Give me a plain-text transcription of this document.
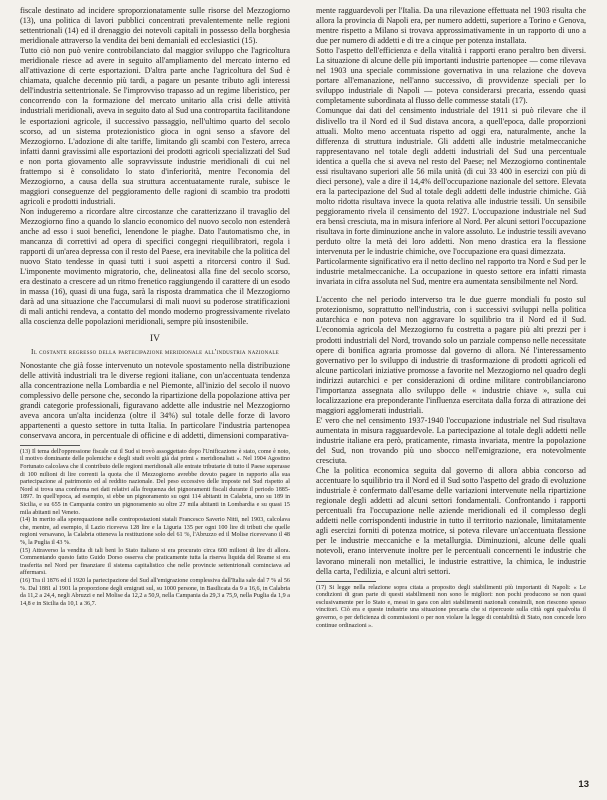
fiscale destinato ad incidere sproporzionatamente sulle risorse del Mezzogiorno (13), una politica di lavori pubblici concentrati prevalentemente nelle regioni settentrionali (14) ed il drenaggio dei notevoli capitali in possesso della borghesia meridionale attraverso la vendita dei beni demaniali ed ecclesiastici (15).

Tutto ciò non può venire controbilanciato dal maggior sviluppo che l'agricoltura meridionale riesce ad avere in seguito all'ampliamento del mercato interno ed all'attivazione di certe esportazioni. D'altra parte anche l'agricoltura del Sud è chiamata, qualche decennio più tardi, a pagare un pesante tributo agli interessi dell'industria settentrionale. Se l'improvviso trapasso ad un regime liberistico, per concorrendo con la formazione del mercato unitario alla crisi delle attività industriali meridionali, aveva in seguito dato al Sud una contropartita facilitandone le esportazioni agricole, il successivo passaggio, nell'ultimo quarto del secolo scorso, ad un sistema protezionistico gioca in ogni senso a sfavore del Mezzogiorno. L'adozione di alte tariffe, limitando gli scambi con l'estero, arreca infatti danni gravissimi alle esportazioni dei prodotti agricoli specializzati del Sud e non porta giovamento alle sopravvissute industrie meridionali di cui nel frattempo si è consolidato lo stato d'inferiorità, mentre l'economia del Mezzogiorno, a causa della sua struttura accentuatamente rurale, subisce le maggiori conseguenze del peggioramento delle ragioni di scambio tra prodotti agricoli e prodotti industriali.

Non indugeremo a ricordare altre circostanze che caratterizzano il travaglio del Mezzogiorno fino a quando lo slancio economico del nuovo secolo non estenderà anche ad esso i suoi benefici, lenendone le piaghe. Dato l'automatismo che, in mancanza di correttivi ad opera di specifici congegni riequilibratori, regola i rapporti di un'area depressa con il resto del Paese, era inevitabile che la politica del nuovo Stato tendesse in quasi tutti i suoi aspetti a ritorcersi contro il Sud. L'imponente movimento migratorio, che, delineatosi alla fine del secolo scorso, era destinato a crescere ad un ritmo frenetico raggiungendo il carattere di un esodo in massa (16), quasi di una fuga, sarà la risposta drammatica che il Mezzogiorno darà ad una situazione che l'accumularsi di mali nuovi su poderose stratificazioni di mali antichi rendeva, a contatto del mondo moderno progressivamente rivelato alla coscienza delle popolazioni meridionali, sempre più insostenibile.

IV
Il costante regresso della partecipazione meridionale all'industria nazionale

Nonostante che già fosse intervenuto un notevole spostamento nella distribuzione delle attività industriali tra le diverse regioni italiane, con un'accentuata tendenza alla concentrazione nella Lombardia e nel Piemonte, all'inizio del secolo il nuovo complessivo delle persone che, secondo la ripartizione della popolazione attiva per grandi categorie professionali, figuravano addette alle industrie nel Mezzogiorno aveva ancora un'alta incidenza (oltre il 34%) sul totale delle forze di lavoro appartenenti a questo settore in tutta Italia. In particolare l'industria partenopea conservava ancora, in percentuale di officine e di addetti, dimensioni comparativa-

(13) Il tema dell'oppressione fiscale cui il Sud si trovò assoggettato dopo l'Unificazione è stato, come è noto, il motivo dominante delle polemiche e degli studi svolti già dai primi « meridionalisti ». Nel 1904 Agostino Fortunato calcolava che il contributo delle regioni meridionali alle entrate tributarie di tutto il Paese superasse di 100 milioni di lire correnti la quota che il Mezzogiorno avrebbe dovuto pagare in rapporto alla sua partecipazione al patrimonio ed al reddito nazionale. Del peso eccessivo delle imposte nel Sud rispetto al Nord si trova una conferma nei dati relativi alla frequenza dei pignoramenti fiscali durante il periodo 1885-1897. In quell'epoca, ad esempio, si ebbe un pignoramento su ogni 114 abitanti in Calabria, uno su 189 in Sicilia, e su 655 in Campania contro un pignoramento su oltre 27 mila abitanti in Lombardia e su quasi 15 mila abitanti nel Veneto.

(14) In merito alla sperequazione nelle contropostazioni statali Francesco Saverio Nitti, nel 1903, calcolava che, mentre, ad esempio, il Lazio riceveva 128 lire e la Liguria 135 per ogni 100 lire di tributi che quelle regioni versavano, la Calabria otteneva la restituzione solo del 61 %, l'Abruzzo ed il Molise ricevevano il 48 %, la Puglia il 43 %.

(15) Attraverso la vendita di tali beni lo Stato italiano si era procurato circa 600 milioni di lire di allora. Commentando questo fatto Guido Dorso osserva che praticamente tutta la riserva liquida del Reame si era trasferita nel Nord per finanziare il sistema capitalistico che nelle provincie settentrionali cominciava ad affermarsi.

(16) Tra il 1876 ed il 1920 la partecipazione del Sud all'emigrazione complessiva dall'Italia sale dal 7 % al 56 %. Dal 1881 al 1901 la proporzione degli emigrati sul, su 1000 persone, in Basilicata da 9 a 16,6, in Calabria da 11,2 a 24,4, negli Abruzzi e nel Molise da 12,2 a 50,9, nella Campania da 29,3 a 75,9, nella Puglia da 1,9 a 14,8 e in Sicilia da 10,1 a 36,7.

mente ragguardevoli per l'Italia. Da una rilevazione effettuata nel 1903 risulta che allora la provincia di Napoli era, per numero addetti, superiore a Torino e Genova, mentre rispetto a Milano si trovava approssimativamente in un rapporto di uno a due per numero di addetti e di tre a cinque per potenza installata.

Sotto l'aspetto dell'efficienza e della vitalità i rapporti erano peraltro ben diversi. La situazione di alcune delle più importanti industrie partenopee — come rilevava nel 1903 una speciale commissione governativa in una relazione che doveva portare all'emanazione, nell'anno successivo, di provvidenze speciali per lo sviluppo industriale di Napoli — poteva considerarsi precaria, essendo quasi completamente subordinata al flusso delle commesse statali (17).

Comunque dai dati del censimento industriale del 1911 si può rilevare che il dislivello tra il Nord ed il Sud distava ancora, a quell'epoca, dalle proporzioni attuali. Molto meno accentuata rispetto ad oggi era, naturalmente, anche la differenza di struttura industriale. Gli addetti alle industrie metalmeccaniche rappresentavano nel totale degli addetti industriali del Sud una percentuale identica a quella che si aveva nel resto del Paese; nel Mezzogiorno continentale essi risultavano superiori alle 56 mila unità (di cui 33 400 in esercizi con più di dieci persone), vale a dire il 14,4% dell'occupazione nazionale del settore. Elevata era la partecipazione del Sud al totale degli addetti delle industrie chimiche. Già molto ridotta risultava invece la quota relativa alle industrie tessili. Un sensibile peggioramento rivela il censimento del 1927. L'occupazione industriale nel Sud era bensì cresciuta, ma in misura inferiore al Nord. Per alcuni settori l'occupazione risultava in forte diminuzione anche in valore assoluto. Le industrie tessili avevano perduto oltre la metà dei loro addetti. Non meno drastica era la flessione intervenuta per le industrie chimiche, ove l'occupazione era quasi dimezzata.

Particolarmente significativo era il netto declino nel rapporto tra Nord e Sud per le industrie metalmeccaniche. La occupazione in questo settore era infatti rimasta invariata in cifra assoluta nel Sud, mentre era aumentata sensibilmente nel Nord.

L'accento che nel periodo interverso tra le due guerre mondiali fu posto sul protezionismo, soprattutto nell'industria, con i successivi sviluppi nella politica autarchica e non poteva non aggravare lo squilibrio tra il Nord ed il Sud. L'economia agricola del Mezzogiorno fu costretta a pagare più alti prezzi per i prodotti industriali del Nord, trovando solo un parziale compenso nelle necessitate opere di bonifica agraria promosse dal governo di allora. Né l'interessamento governativo per lo sviluppo di industrie di trasformazione di prodotti agricoli ed alcune particolari iniziative promosse a favorite nel Mezzogiorno nel quadro degli indirizzi autarchici e per considerazioni di ordine militare controbilanciarono l'importanza assegnata allo sviluppo delle « industrie chiave », sulla cui localizzazione era preponderante l'influenza esercitata dalla forza di attrazione dei maggiori agglomerati industriali.

E' vero che nel censimento 1937-1940 l'occupazione industriale nel Sud risultava aumentata in misura ragguardevole. La partecipazione al totale degli addetti nelle industrie italiane era però, praticamente, rimasta invariata, mentre la popolazione del Sud, non trovando più uno sbocco nell'emigrazione, era notevolmente cresciuta.

Che la politica economica seguita dal governo di allora abbia concorso ad accentuare lo squilibrio tra il Nord ed il Sud sotto l'aspetto del grado di evoluzione industriale è confermato dall'esame delle variazioni intervenute nella ripartizione regionale degli addetti ad alcuni settori fondamentali. Confrontando i rapporti percentuali fra l'occupazione nelle aziende meridionali ed il complesso degli addetti nelle corrispondenti industrie in tutto il territorio nazionale, limitatamente agli esercizi forniti di potenza motrice, si poteva rilevare un'accentuata flessione per le industrie meccaniche e la metallurgia. Diminuzioni, alcune delle quali notevoli, erano intervenute inoltre per le percentuali concernenti le industrie che lavorano minerali non metallici, le industrie estrattive, la chimica, le industrie della carta, l'edilizia, e alcuni altri settori.

(17) Si legge nella relazione sopra citata a proposito degli stabilimenti più importanti di Napoli: « Le condizioni di gran parte di questi stabilimenti non sono le migliori: non pochi producono se non quasi esclusivamente per lo Stato e, messi in gara con altri stabilimenti nazionali consimili, non riescono spesso vincitori. Ciò era e queste industrie una situazione precaria che si ripercuote sulla città ogni qualvolta il governo, o per deficienza di commissioni o per non violare la legge di contabilità di Stato, non concede loro continue ordinazioni ».

13
